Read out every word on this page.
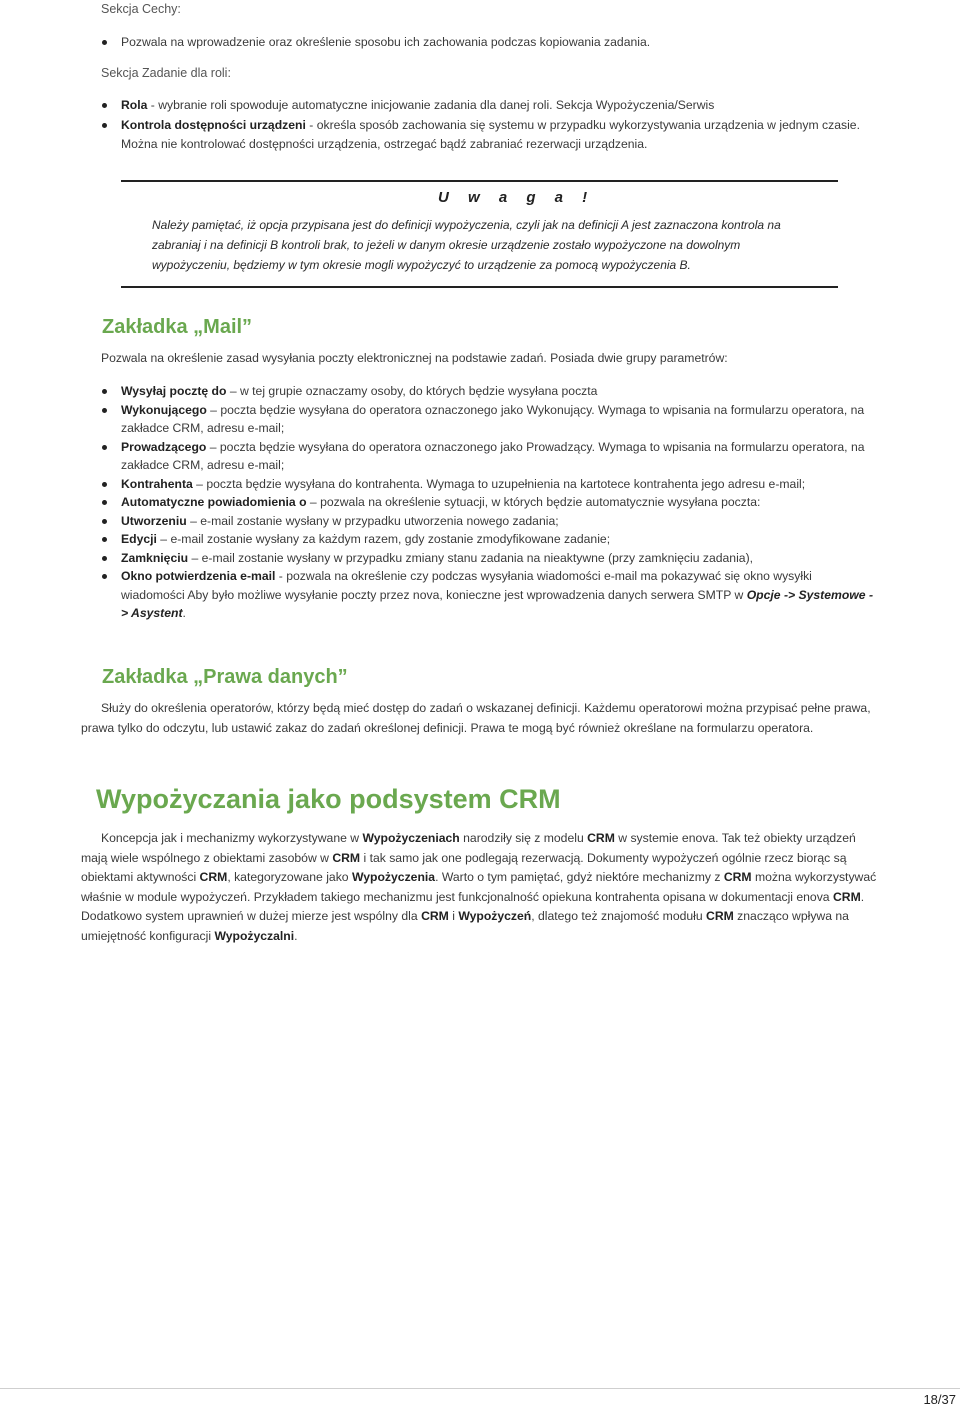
Sekcja Cechy:
Pozwala na wprowadzenie oraz określenie sposobu ich zachowania podczas kopiowania zadania.
Sekcja Zadanie dla roli:
Rola - wybranie roli spowoduje automatyczne inicjowanie zadania dla danej roli. Sekcja Wypożyczenia/Serwis
Kontrola dostępności urządzeni - określa sposób zachowania się systemu w przypadku wykorzystywania urządzenia w jednym czasie. Można nie kontrolować dostępności urządzenia, ostrzegać bądź zabraniać rezerwacji urządzenia.
U w a g a !
Należy pamiętać, iż opcja przypisana jest do definicji wypożyczenia, czyli jak na definicji A jest zaznaczona kontrola na zabraniaj i na definicji B kontroli brak, to jeżeli w danym okresie urządzenie zostało wypożyczone na dowolnym wypożyczeniu, będziemy w tym okresie mogli wypożyczyć to urządzenie za pomocą wypożyczenia B.
Zakładka „Mail”
Pozwala na określenie zasad wysyłania poczty elektronicznej na podstawie zadań. Posiada dwie grupy parametrów:
Wysyłaj pocztę do – w tej grupie oznaczamy osoby, do których będzie wysyłana poczta
Wykonującego – poczta będzie wysyłana do operatora oznaczonego jako Wykonujący. Wymaga to wpisania na formularzu operatora, na zakładce CRM, adresu e-mail;
Prowadzącego – poczta będzie wysyłana do operatora oznaczonego jako Prowadzący. Wymaga to wpisania na formularzu operatora, na zakładce CRM, adresu e-mail;
Kontrahenta – poczta będzie wysyłana do kontrahenta. Wymaga to uzupełnienia na kartotece kontrahenta jego adresu e-mail;
Automatyczne powiadomienia o – pozwala na określenie sytuacji, w których będzie automatycznie wysyłana poczta:
Utworzeniu – e-mail zostanie wysłany w przypadku utworzenia nowego zadania;
Edycji – e-mail zostanie wysłany za każdym razem, gdy zostanie zmodyfikowane zadanie;
Zamknięciu – e-mail zostanie wysłany w przypadku zmiany stanu zadania na nieaktywne (przy zamknięciu zadania),
Okno potwierdzenia e-mail - pozwala na określenie czy podczas wysyłania wiadomości e-mail ma pokazywać się okno wysyłki wiadomości Aby było możliwe wysyłanie poczty przez nova, konieczne jest wprowadzenia danych serwera SMTP w Opcje -> Systemowe -> Asystent.
Zakładka „Prawa danych”
Służy do określenia operatorów, którzy będą mieć dostęp do zadań o wskazanej definicji. Każdemu operatorowi można przypisać pełne prawa, prawa tylko do odczytu, lub ustawić zakaz do zadań określonej definicji. Prawa te mogą być również określane na formularzu operatora.
Wypożyczania jako podsystem CRM
Koncepcja jak i mechanizmy wykorzystywane w Wypożyczeniach narodziły się z modelu CRM w systemie enova. Tak też obiekty urządzeń mają wiele wspólnego z obiektami zasobów w CRM i tak samo jak one podlegają rezerwacją. Dokumenty wypożyczeń ogólnie rzecz biorąc są obiektami aktywności CRM, kategoryzowane jako Wypożyczenia. Warto o tym pamiętać, gdyż niektóre mechanizmy z CRM można wykorzystywać właśnie w module wypożyczeń. Przykładem takiego mechanizmu jest funkcjonalność opiekuna kontrahenta opisana w dokumentacji enova CRM. Dodatkowo system uprawnień w dużej mierze jest wspólny dla CRM i Wypożyczeń, dlatego też znajomość modułu CRM znacząco wpływa na umiejętność konfiguracji Wypożyczalni.
18/37
